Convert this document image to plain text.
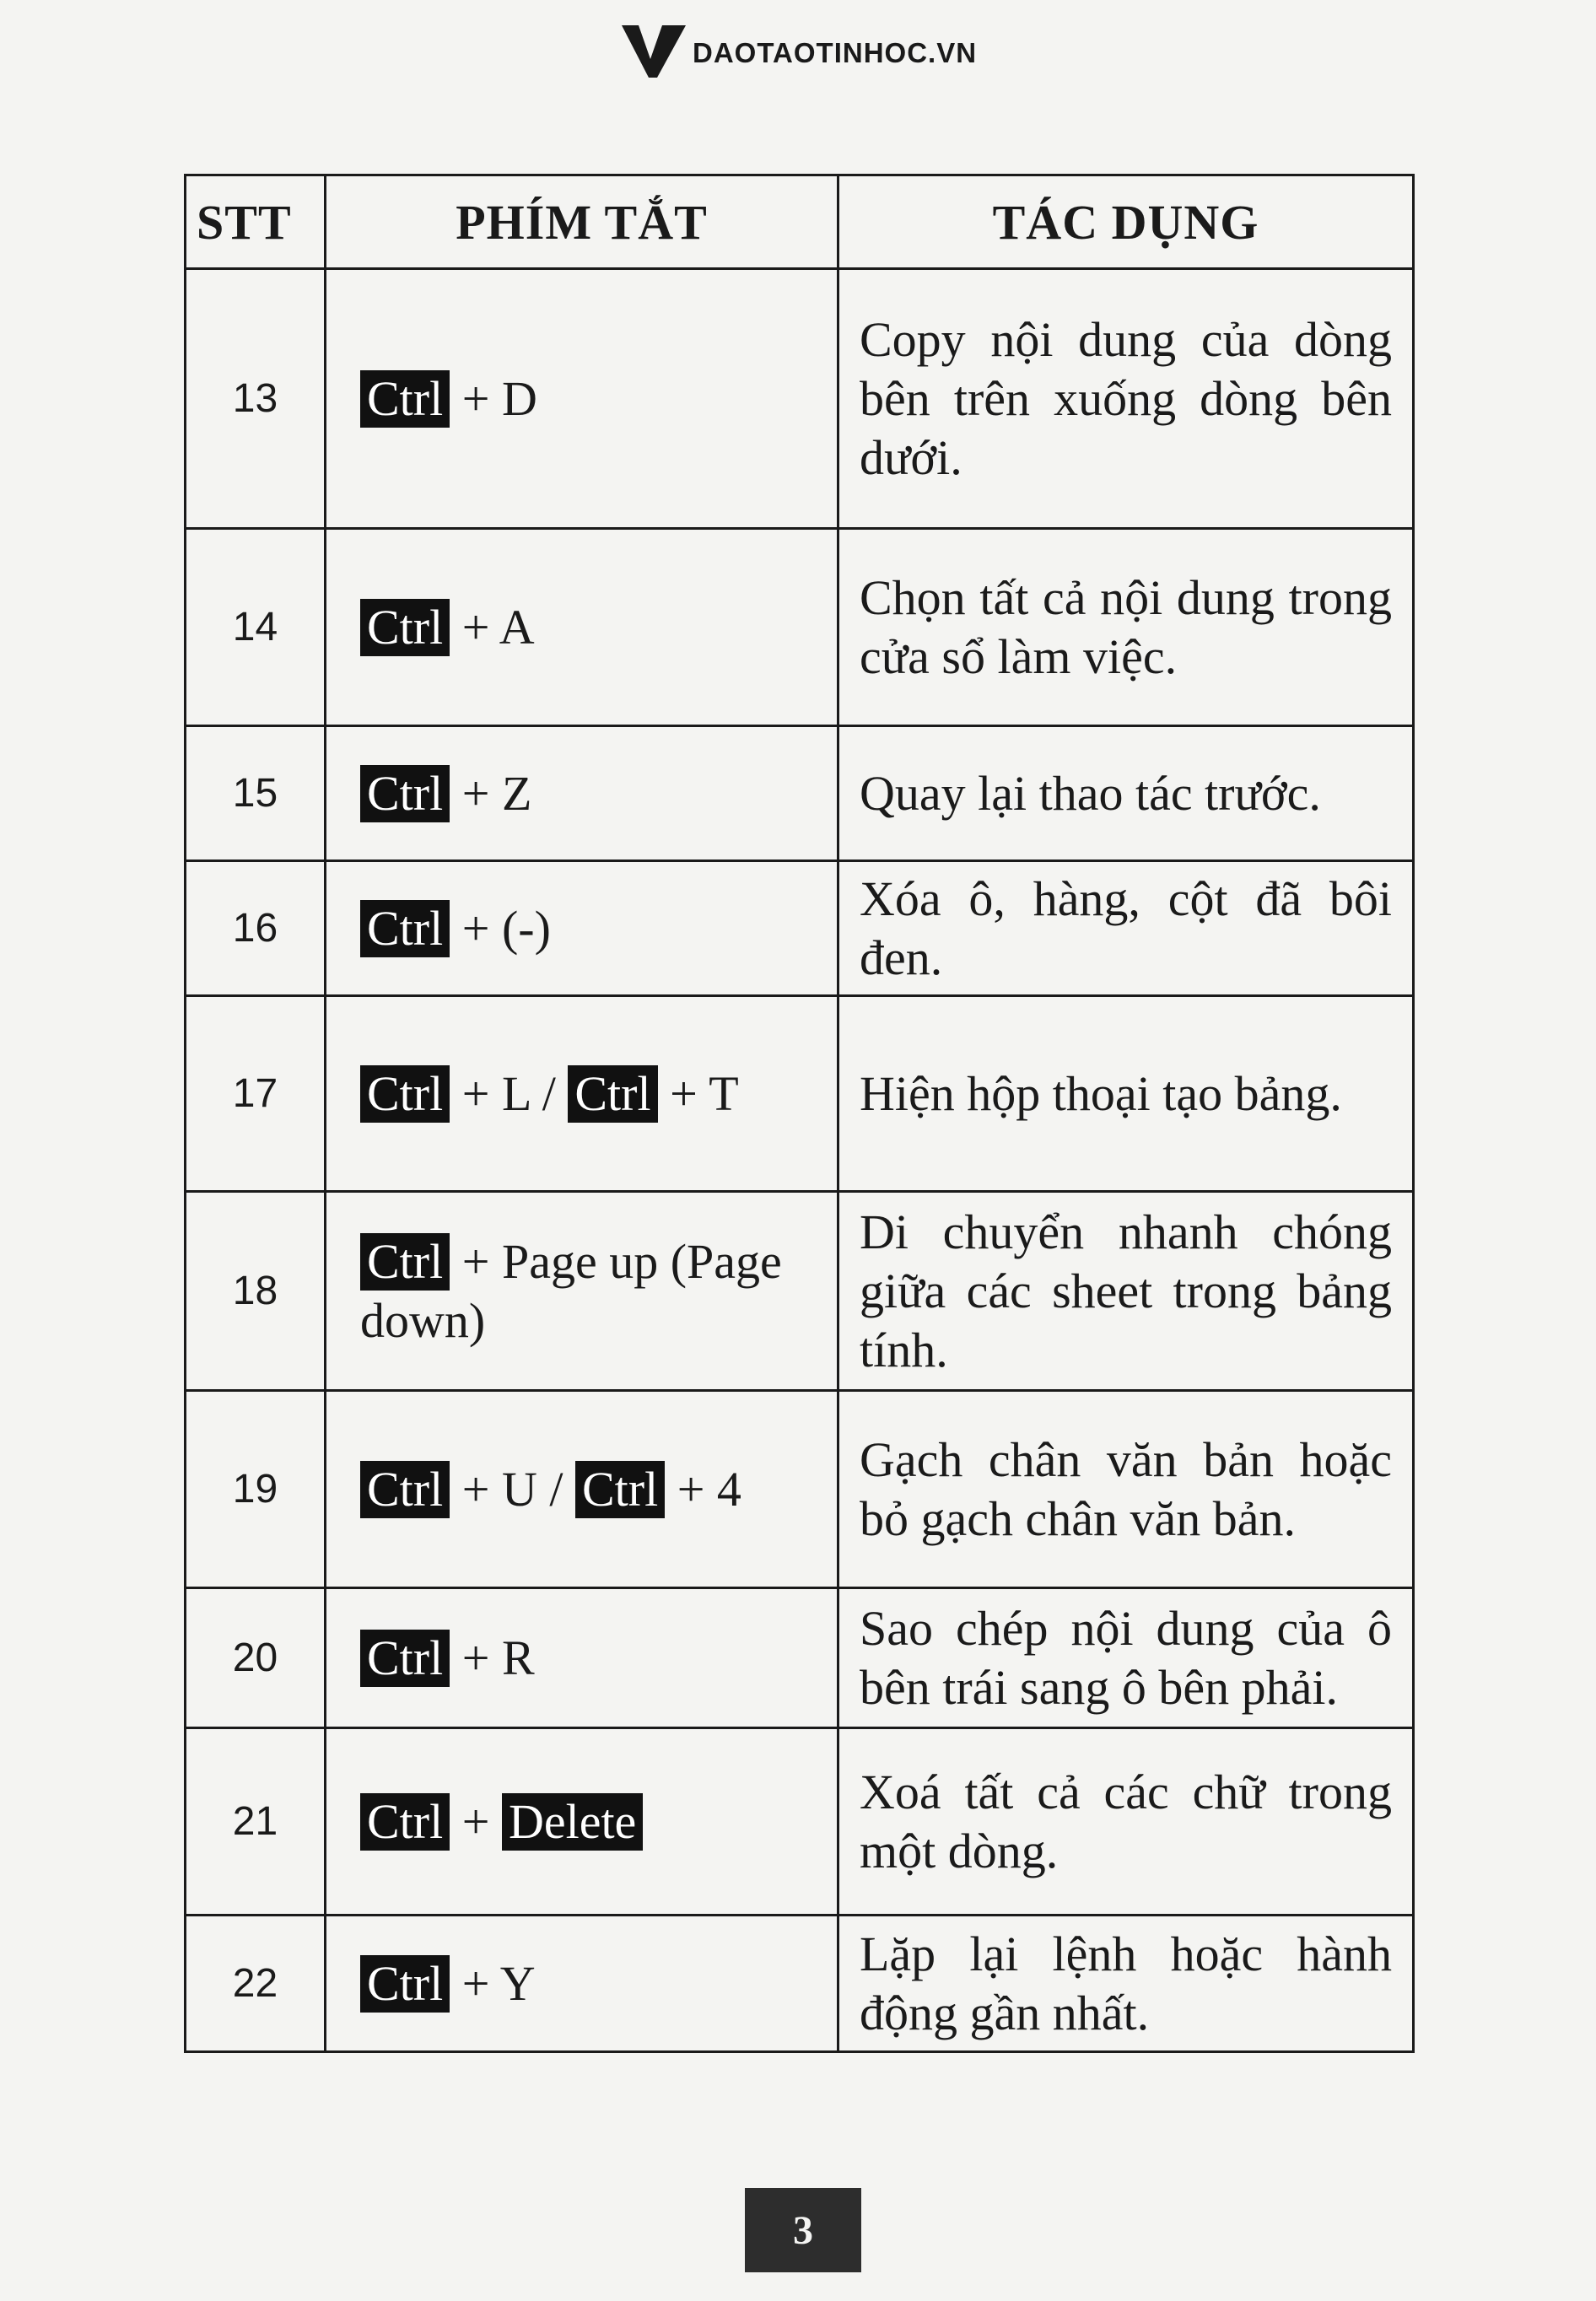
DAOTAOTINHOC.VN
STT	PHÍM TẮT	TÁC DỤNG
13	Ctrl + D	Copy nội dung của dòng bên trên xuống dòng bên dưới.
14	Ctrl + A	Chọn tất cả nội dung trong cửa sổ làm việc.
15	Ctrl + Z	Quay lại thao tác trước.
16	Ctrl + (-)	Xóa ô, hàng, cột đã bôi đen.
17	Ctrl + L / Ctrl + T	Hiện hộp thoại tạo bảng.
18	Ctrl + Page up (Page down)	Di chuyển nhanh chóng giữa các sheet trong bảng tính.
19	Ctrl + U / Ctrl + 4	Gạch chân văn bản hoặc bỏ gạch chân văn bản.
20	Ctrl + R	Sao chép nội dung của ô bên trái sang ô bên phải.
21	Ctrl + Delete	Xoá tất cả các chữ trong một dòng.
22	Ctrl + Y	Lặp lại lệnh hoặc hành động gần nhất.
3
